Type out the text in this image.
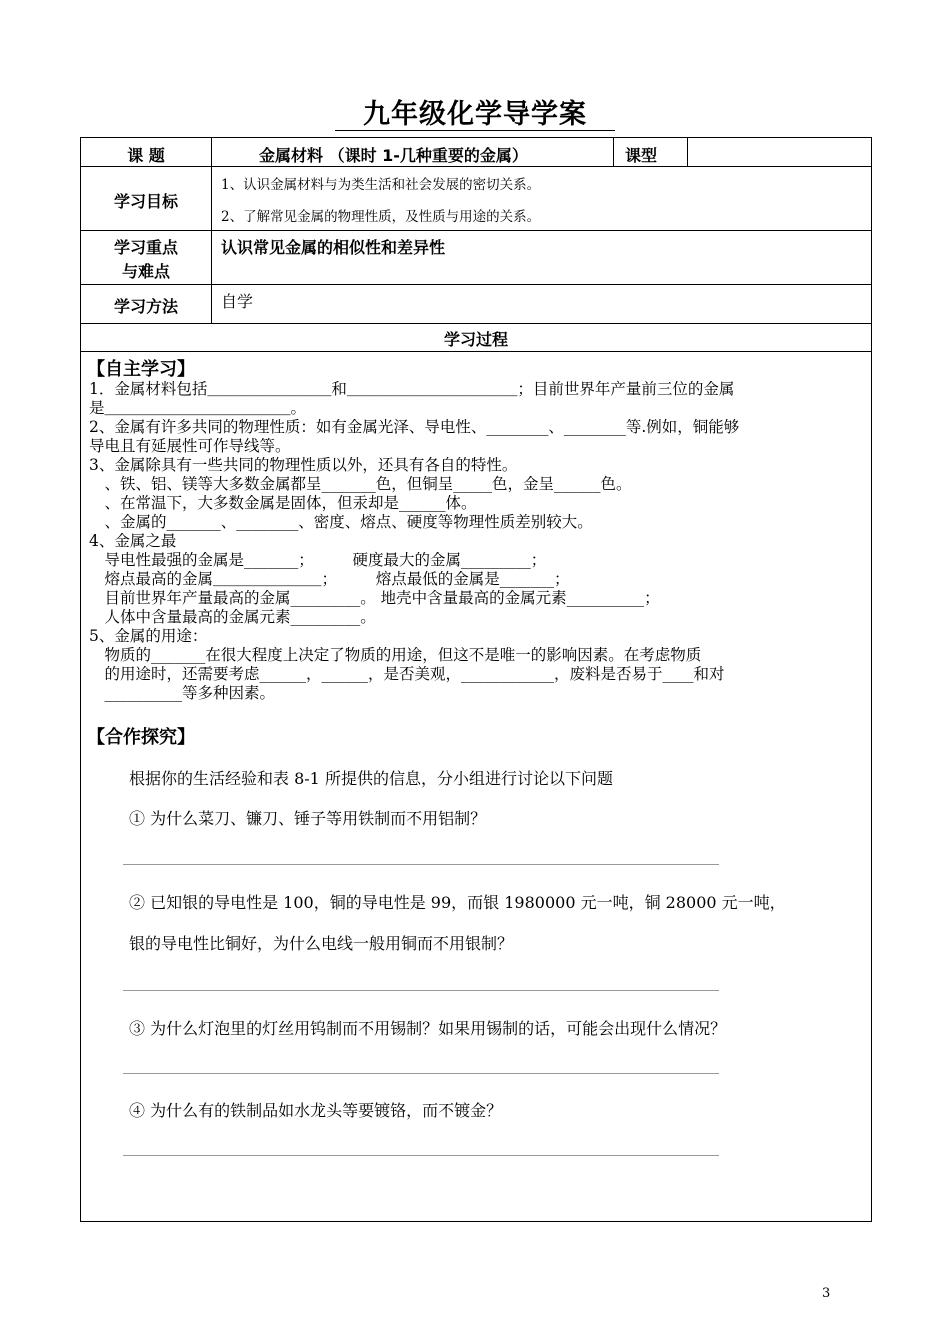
九年级化学导学案
课 题	金属材料 （课时 1-几种重要的金属）	课型
学习目标
1、认识金属材料与为类生活和社会发展的密切关系。
2、了解常见金属的物理性质，及性质与用途的关系。
学习重点
与难点
认识常见金属的相似性和差异性
学习方法	自学
学习过程
【自主学习】
1．金属材料包括＿＿＿＿＿＿＿＿和＿＿＿＿＿＿＿＿＿＿＿；目前世界年产量前三位的金属
是＿＿＿＿＿＿＿＿＿＿＿＿。
2、金属有许多共同的物理性质：如有金属光泽、导电性、________、________等.例如，铜能够
导电且有延展性可作导线等。
3、金属除具有一些共同的物理性质以外，还具有各自的特性。
　、铁、铝、镁等大多数金属都呈_______色，但铜呈_____色，金呈______色。
　、在常温下，大多数金属是固体，但汞却是______体。
　、金属的_______、________、密度、熔点、硬度等物理性质差别较大。
4、金属之最
　导电性最强的金属是_______；　　　硬度最大的金属_________；
　熔点最高的金属＿＿＿＿＿＿＿；　　　熔点最低的金属是_______；
　目前世界年产量最高的金属_________。 地壳中含量最高的金属元素__________；
　人体中含量最高的金属元素_________。
5、金属的用途：
　物质的_______在很大程度上决定了物质的用途，但这不是唯一的影响因素。在考虑物质
　的用途时，还需要考虑______，______，是否美观，____________，废料是否易于____和对
　__________等多种因素。
【合作探究】
根据你的生活经验和表 8-1 所提供的信息，分小组进行讨论以下问题
① 为什么菜刀、镰刀、锤子等用铁制而不用铝制？
② 已知银的导电性是 100，铜的导电性是 99，而银 1980000 元一吨，铜 28000 元一吨，
银的导电性比铜好，为什么电线一般用铜而不用银制？
③ 为什么灯泡里的灯丝用钨制而不用锡制？如果用锡制的话，可能会出现什么情况？
④ 为什么有的铁制品如水龙头等要镀铬，而不镀金？
3
